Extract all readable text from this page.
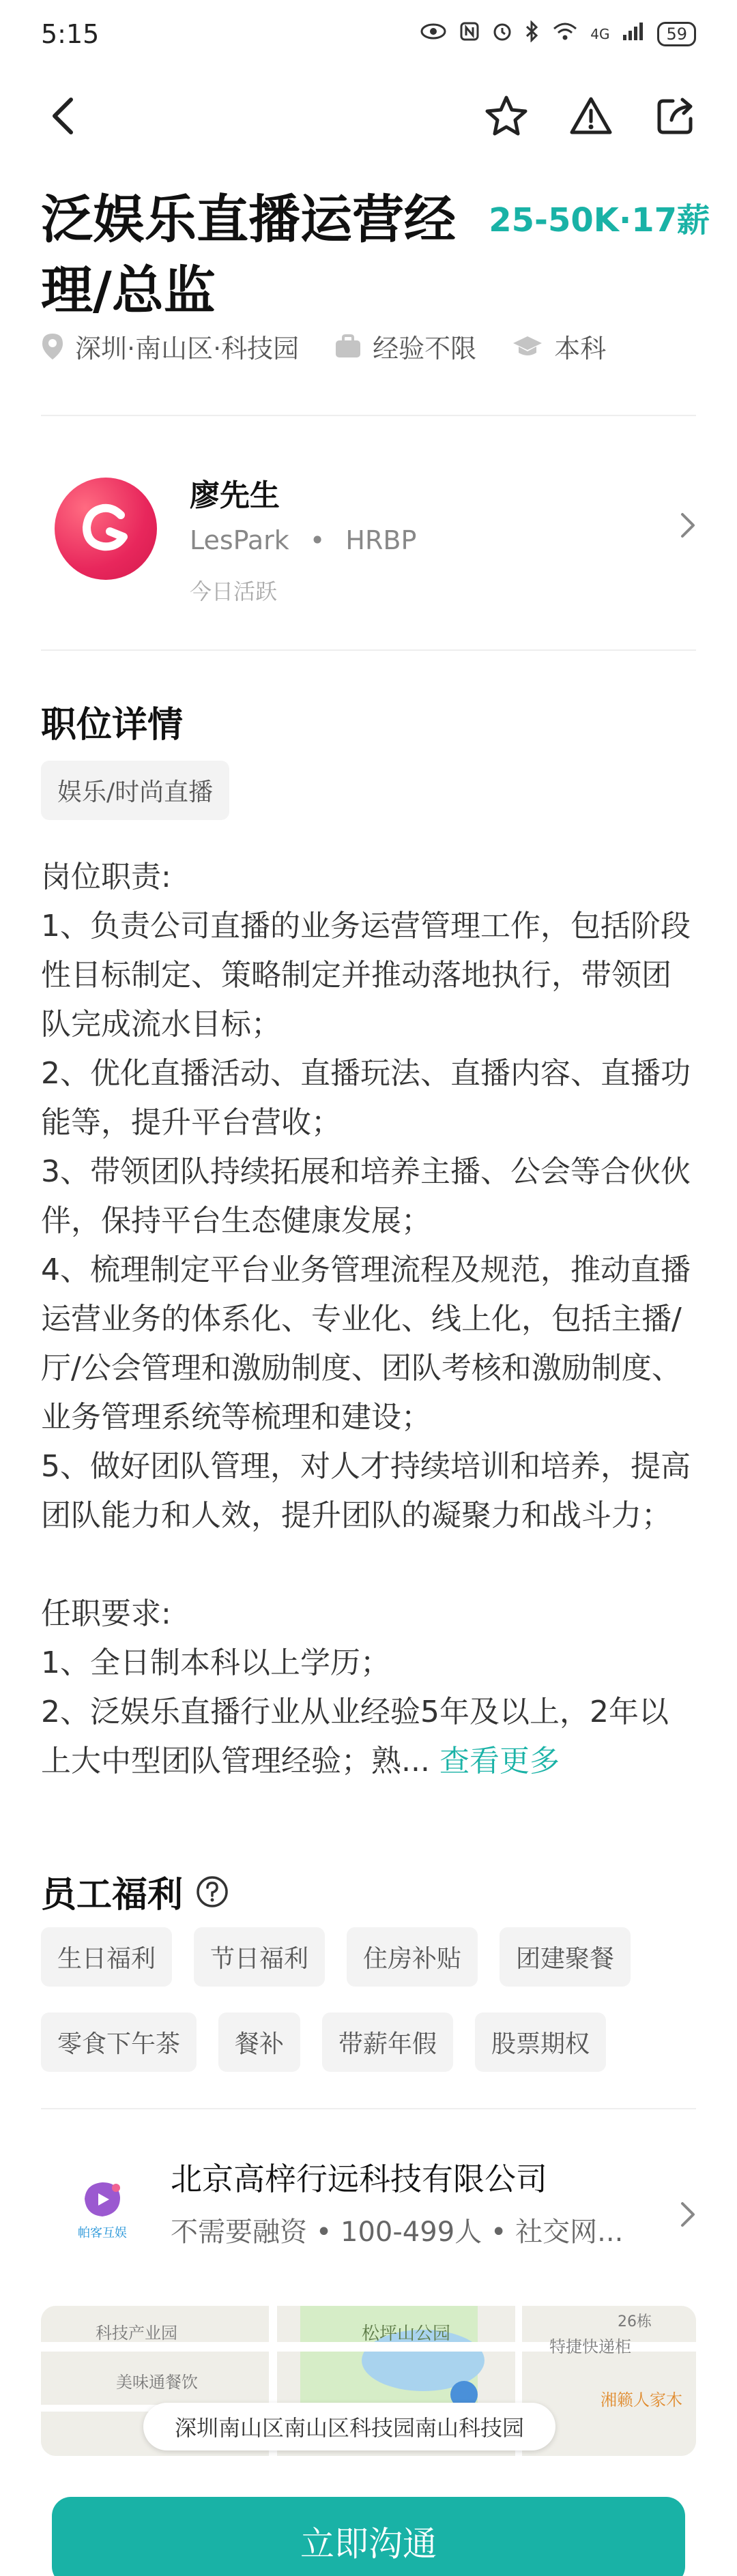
5:15	4G	59
泛娱乐直播运营经理/总监
25-50K·17薪
深圳·南山区·科技园	经验不限	本科
廖先生
LesPark • HRBP
今日活跃
职位详情
娱乐/时尚直播
岗位职责:
1、负责公司直播的业务运营管理工作，包括阶段性目标制定、策略制定并推动落地执行，带领团队完成流水目标；
2、优化直播活动、直播玩法、直播内容、直播功能等，提升平台营收；
3、带领团队持续拓展和培养主播、公会等合伙伙伴，保持平台生态健康发展；
4、梳理制定平台业务管理流程及规范，推动直播运营业务的体系化、专业化、线上化，包括主播/厅/公会管理和激励制度、团队考核和激励制度、业务管理系统等梳理和建设；
5、做好团队管理，对人才持续培训和培养，提高团队能力和人效，提升团队的凝聚力和战斗力；

任职要求:
1、全日制本科以上学历；
2、泛娱乐直播行业从业经验5年及以上，2年以上大中型团队管理经验；熟... 查看更多
员工福利
生日福利	节日福利	住房补贴	团建聚餐
零食下午茶	餐补	带薪年假	股票期权
帕客互娱
北京高梓行远科技有限公司
不需要融资 • 100-499人 • 社交网...
松坪山公园
科技产业园
美味通餐饮
特捷快递柜
26栋
湘籁人家木
深圳南山区南山区科技园南山科技园
立即沟通
